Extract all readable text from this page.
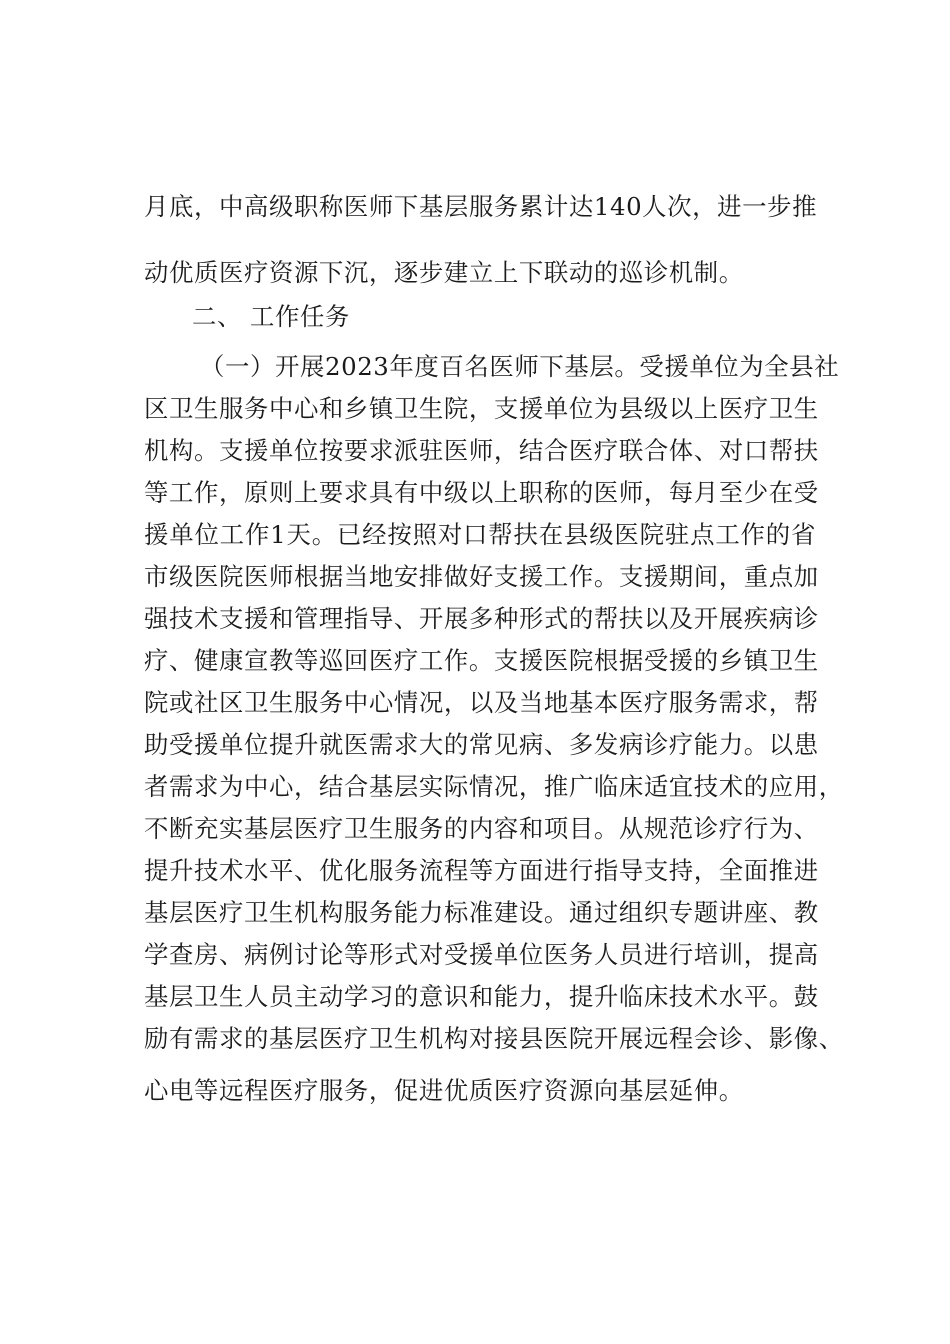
月底，中高级职称医师下基层服务累计达140人次，进一步推
动优质医疗资源下沉，逐步建立上下联动的巡诊机制。
二、 工作任务
（一）开展2023年度百名医师下基层。受援单位为全县社
区卫生服务中心和乡镇卫生院，支援单位为县级以上医疗卫生
机构。支援单位按要求派驻医师，结合医疗联合体、对口帮扶
等工作，原则上要求具有中级以上职称的医师，每月至少在受
援单位工作1天。已经按照对口帮扶在县级医院驻点工作的省
市级医院医师根据当地安排做好支援工作。支援期间，重点加
强技术支援和管理指导、开展多种形式的帮扶以及开展疾病诊
疗、健康宣教等巡回医疗工作。支援医院根据受援的乡镇卫生
院或社区卫生服务中心情况，以及当地基本医疗服务需求，帮
助受援单位提升就医需求大的常见病、多发病诊疗能力。以患
者需求为中心，结合基层实际情况，推广临床适宜技术的应用，
不断充实基层医疗卫生服务的内容和项目。从规范诊疗行为、
提升技术水平、优化服务流程等方面进行指导支持，全面推进
基层医疗卫生机构服务能力标准建设。通过组织专题讲座、教
学查房、病例讨论等形式对受援单位医务人员进行培训，提高
基层卫生人员主动学习的意识和能力，提升临床技术水平。鼓
励有需求的基层医疗卫生机构对接县医院开展远程会诊、影像、
心电等远程医疗服务，促进优质医疗资源向基层延伸。
